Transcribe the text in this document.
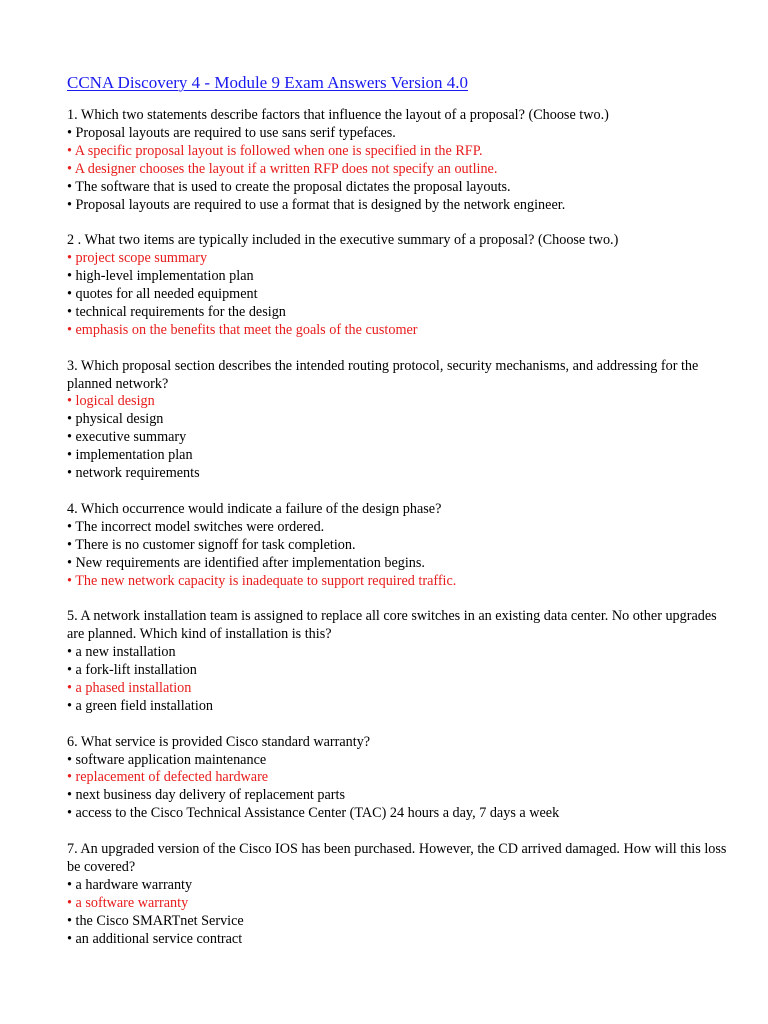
CCNA Discovery 4 - Module 9 Exam Answers Version 4.0
1. Which two statements describe factors that influence the layout of a proposal? (Choose two.)
• Proposal layouts are required to use sans serif typefaces.
• A specific proposal layout is followed when one is specified in the RFP.
• A designer chooses the layout if a written RFP does not specify an outline.
• The software that is used to create the proposal dictates the proposal layouts.
• Proposal layouts are required to use a format that is designed by the network engineer.
2 . What two items are typically included in the executive summary of a proposal? (Choose two.)
• project scope summary
• high-level implementation plan
• quotes for all needed equipment
• technical requirements for the design
• emphasis on the benefits that meet the goals of the customer
3. Which proposal section describes the intended routing protocol, security mechanisms, and addressing for the planned network?
• logical design
• physical design
• executive summary
• implementation plan
• network requirements
4. Which occurrence would indicate a failure of the design phase?
• The incorrect model switches were ordered.
• There is no customer signoff for task completion.
• New requirements are identified after implementation begins.
• The new network capacity is inadequate to support required traffic.
5. A network installation team is assigned to replace all core switches in an existing data center. No other upgrades are planned. Which kind of installation is this?
• a new installation
• a fork-lift installation
• a phased installation
• a green field installation
6. What service is provided Cisco standard warranty?
• software application maintenance
• replacement of defected hardware
• next business day delivery of replacement parts
• access to the Cisco Technical Assistance Center (TAC) 24 hours a day, 7 days a week
7. An upgraded version of the Cisco IOS has been purchased. However, the CD arrived damaged. How will this loss be covered?
• a hardware warranty
• a software warranty
• the Cisco SMARTnet Service
• an additional service contract
